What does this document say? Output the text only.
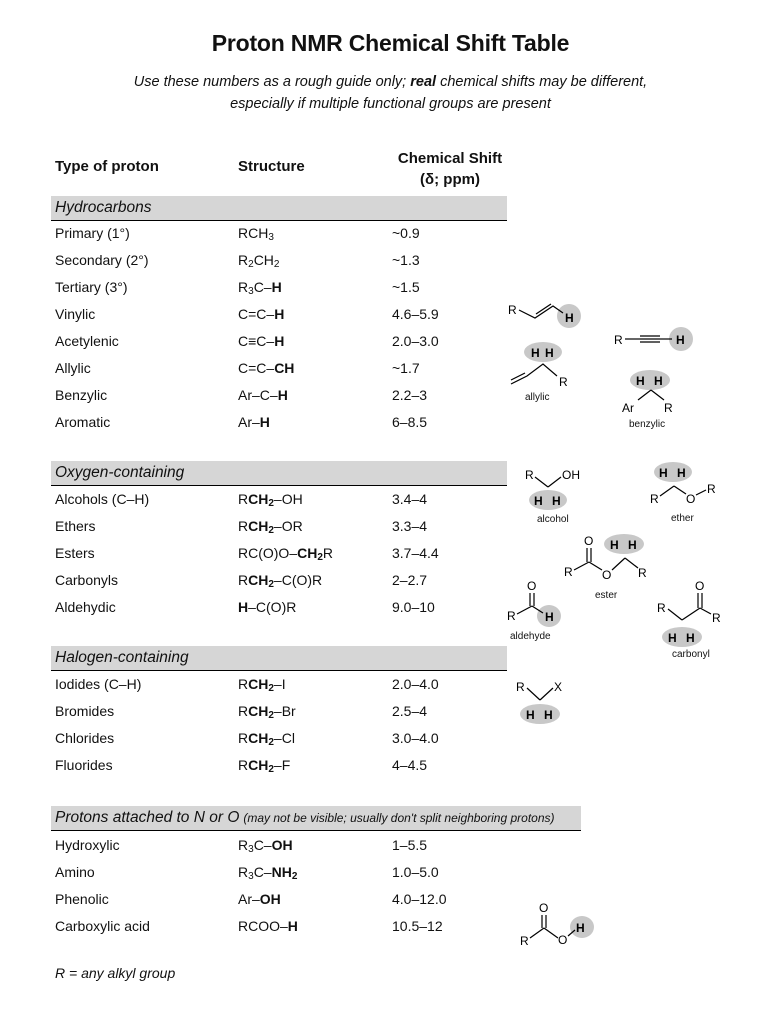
Proton NMR Chemical Shift Table
Use these numbers as a rough guide only; real chemical shifts may be different,
especially if multiple functional groups are present
Type of proton	Structure	Chemical Shift
(δ; ppm)
Hydrocarbons
Oxygen-containing
Halogen-containing
Protons attached to N or O (may not be visible; usually don't split neighboring protons)
Primary (1°)	$RCH_3$	~0.9
Secondary (2°)	$R_2CH_2$	~1.3
Tertiary (3°)	$R_3C-H$	~1.5
Vinylic	C=C–H	4.6–5.9
Acetylenic	C≡C–H	2.0–3.0
Allylic	C=C–CH	~1.7
Benzylic	Ar–C–H	2.2–3
Aromatic	Ar–H	6–8.5
Alcohols (C–H)	$RCH_2-OH$	3.4–4
Ethers	$RCH_2-OR$	3.3–4
Esters	$RC(O)O-CH_2R$	3.7–4.4
Carbonyls	$RCH_2-C(O)R$	2–2.7
Aldehydic	H–C(O)R	9.0–10
Iodides (C–H)	$RCH_2-I$	2.0–4.0
Bromides	$RCH_2-Br$	2.5–4
Chlorides	$RCH_2-Cl$	3.0–4.0
Fluorides	$RCH_2-F$	4–4.5
Hydroxylic	$R_3C-OH$	1–5.5
Amino	$R_3C-NH_2$	1.0–5.0
Phenolic	Ar–OH	4.0–12.0
Carboxylic acid	RCOO–H	10.5–12
R = any alkyl group
R
H
R	H
H H
R
allylic
H H
Ar	R
benzylic
R OH
H H
alcohol
H H
R O
R
ether
H H
O
R O R
ester
O
R H
aldehyde
O
R
R
H H
carbonyl
R X
H H
O
R O
H
